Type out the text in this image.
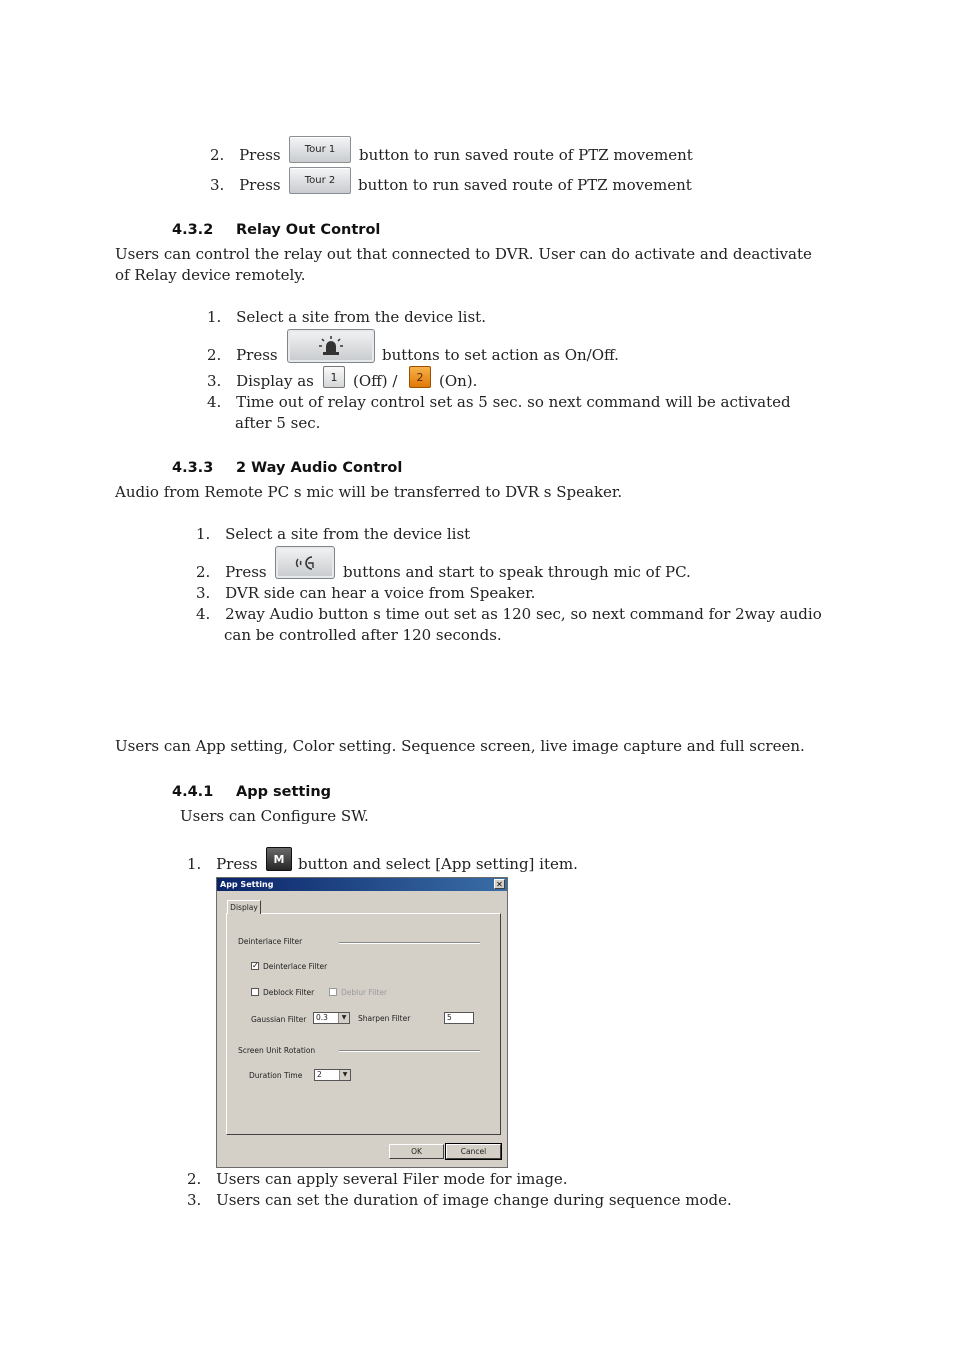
2. Press	Tour 1	button to run saved route of PTZ movement
3. Press	Tour 2	button to run saved route of PTZ movement
4.3.2 Relay Out Control
Users can control the relay out that connected to DVR. User can do activate and deactivate
of Relay device remotely.
1. Select a site from the device list.
2. Press	buttons to set action as On/Off.
3. Display as	1	(Off) /	2	(On).
4. Time out of relay control set as 5 sec. so next command will be activated
after 5 sec.
4.3.3 2 Way Audio Control
Audio from Remote PC s mic will be transferred to DVR s Speaker.
1. Select a site from the device list
2. Press	buttons and start to speak through mic of PC.
3. DVR side can hear a voice from Speaker.
4. 2way Audio button s time out set as 120 sec, so next command for 2way audio
can be controlled after 120 seconds.
Users can App setting, Color setting. Sequence screen, live image capture and full screen.
4.4.1 App setting
Users can Configure SW.
1. Press	M button and select [App setting] item.
App Setting	✕
Display
Deinterlace Filter
✓ Deinterlace Filter
Deblock Filter	Deblur Filter
Gaussian Filter	0.3	▼	Sharpen Filter	5
Screen Unit Rotation
Duration Time	2	▼
OK	Cancel
2. Users can apply several Filer mode for image.
3. Users can set the duration of image change during sequence mode.
